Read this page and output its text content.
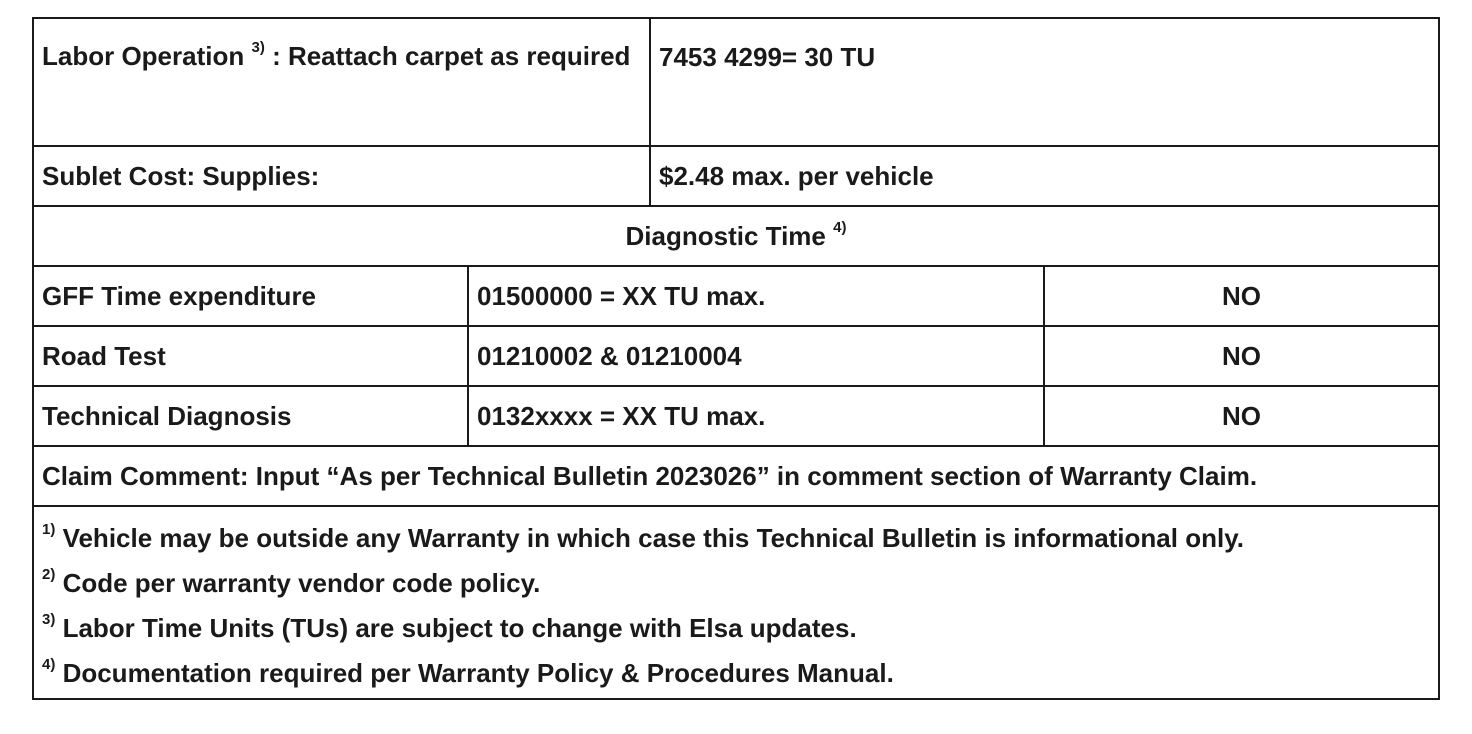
Labor Operation $^{3)}$ : Reattach carpet as required		7453 4299= 30 TU	
Sublet Cost: Supplies:		$2.48 max. per vehicle	
Diagnostic Time $^{4)}$
GFF Time expenditure	01500000 = XX TU max.		NO
Road Test	01210002 & 01210004		NO
Technical Diagnosis	0132xxxx = XX TU max.		NO
Claim Comment: Input “As per Technical Bulletin 2023026” in comment section of Warranty Claim.			

$^{1)}$ Vehicle may be outside any Warranty in which case this Technical Bulletin is informational only.
$^{2)}$ Code per warranty vendor code policy.
$^{3)}$ Labor Time Units (TUs) are subject to change with Elsa updates.
$^{4)}$ Documentation required per Warranty Policy & Procedures Manual.			
